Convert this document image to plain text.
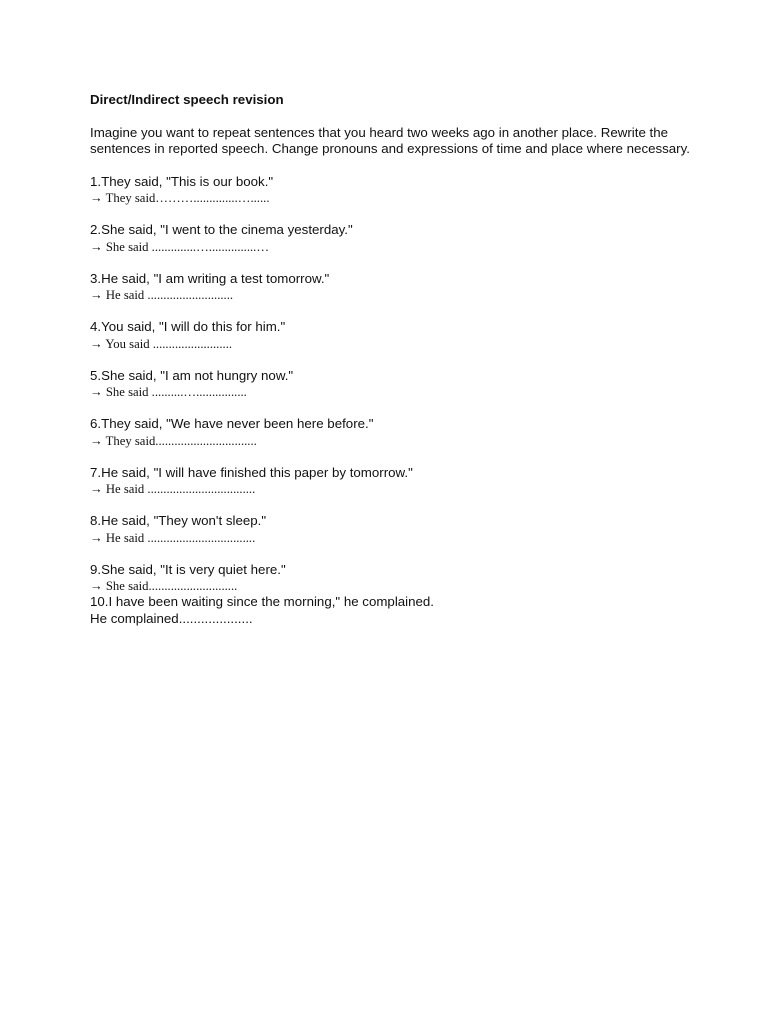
Direct/Indirect speech revision
Imagine you want to repeat sentences that you heard two weeks ago in another place. Rewrite the sentences in reported speech. Change pronouns and expressions of time and place where necessary.
1.They said, "This is our book."
→ They said………..............…......
2.She said, "I went to the cinema yesterday."
→ She said ..............…...............…
3.He said, "I am writing a test tomorrow."
→ He said ...........................
4.You said, "I will do this for him."
→ You said .........................
5.She said, "I am not hungry now."
→ She said ..........…................
6.They said, "We have never been here before."
→ They said................................
7.He said, "I will have finished this paper by tomorrow."
→ He said ..................................
8.He said, "They won't sleep."
→ He said ..................................
9.She said, "It is very quiet here."
→ She said............................
10.I have been waiting since the morning," he complained.
He complained....................
